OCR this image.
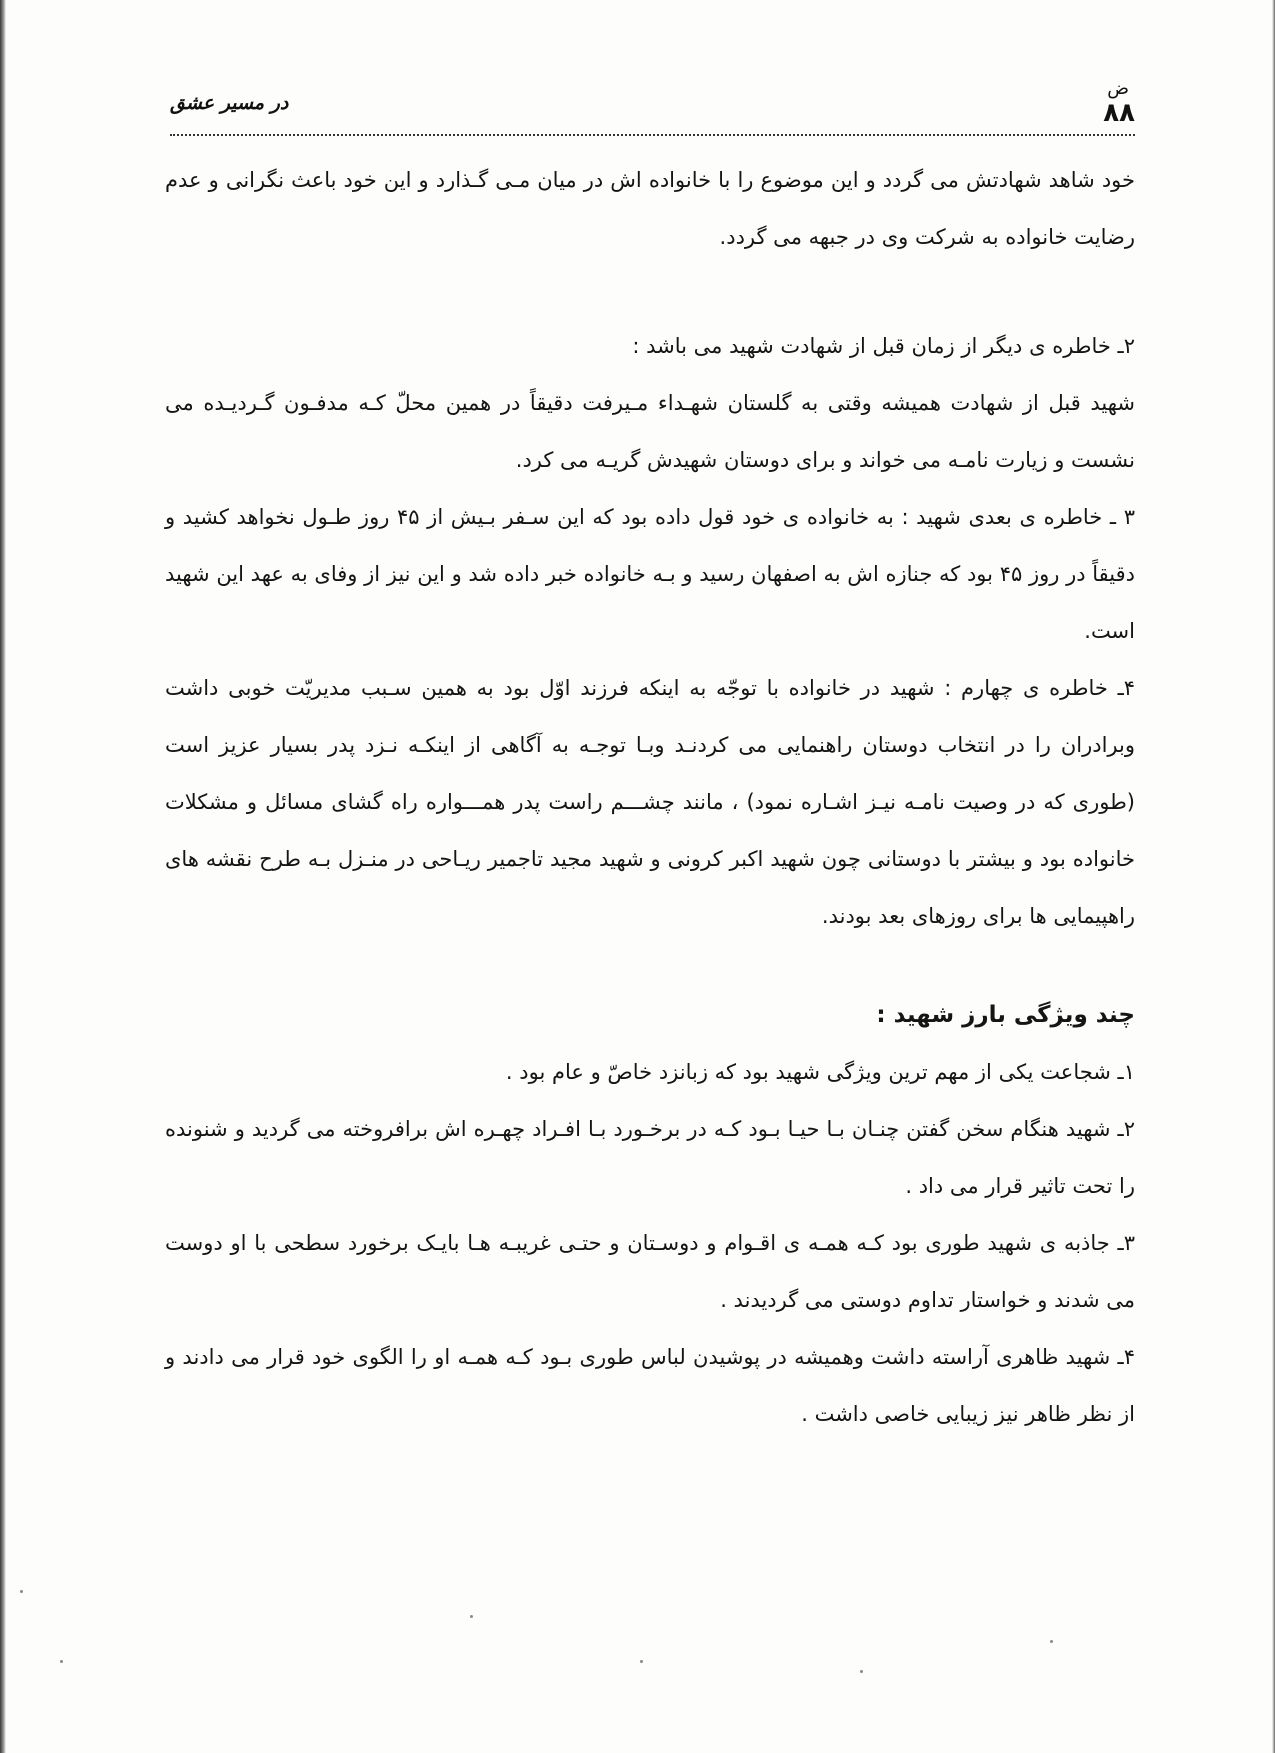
ﺽ
۸۸
در مسیر عشق

خود شاهد شهادتش می گردد و این موضوع را با خانواده اش در میان مـی گـذارد و این خود باعث نگرانی و عدم رضایت خانواده به شرکت وی در جبهه می گردد.

۲ـ خاطره ی دیگر از زمان قبل از شهادت شهید می باشد :

شهید قبل از شهادت همیشه وقتی به گلستان شهـداء مـیرفت دقیقاً در همین محلّ کـه مدفـون گـردیـده می نشست و زیارت نامـه می خواند و برای دوستان شهیدش گریـه می کرد.

۳ ـ خاطره ی بعدی شهید : به خانواده ی خود قول داده بود که این سـفر بـیش از ۴۵ روز طـول نخواهد کشید و دقیقاً در روز ۴۵ بود که جنازه اش به اصفهان رسید و بـه خانواده خبر داده شد و این نیز از وفای به عهد این شهید است.

۴ـ خاطره ی چهارم : شهید در خانواده با توجّه به اینکه فرزند اوّل بود به همین سـبب مدیریّت خوبی داشت وبرادران را در انتخاب دوستان راهنمایی می کردنـد وبـا توجـه به آگاهی از اینکـه نـزد پدر بسیار عزیز است (طوری که در وصیت نامـه نیـز اشـاره نمود) ، مانند چشـــم راست پدر همـــواره راه گشای مسائل و مشکلات خانواده بود و بیشتر با دوستانی چون شهید اکبر کرونی و شهید مجید تاجمیر ریـاحی در منـزل بـه طرح نقشه های راهپیمایی ها برای روزهای بعد بودند.

چند ویژگی بارز شهید :

۱ـ شجاعت یکی از مهم ترین ویژگی شهید بود که زبانزد خاصّ و عام بود .

۲ـ شهید هنگام سخن گفتن چنـان بـا حیـا بـود کـه در برخـورد بـا افـراد چهـره اش برافروخته می گردید و شنونده را تحت تاثیر قرار می داد .

۳ـ جاذبه ی شهید طوری بود کـه همـه ی اقـوام و دوسـتان و حتـی غریبـه هـا بایـک برخورد سطحی با او دوست می شدند و خواستار تداوم دوستی می گردیدند .

۴ـ شهید ظاهری آراسته داشت وهمیشه در پوشیدن لباس طوری بـود کـه همـه او را الگوی خود قرار می دادند و از نظر ظاهر نیز زیبایی خاصی داشت .
